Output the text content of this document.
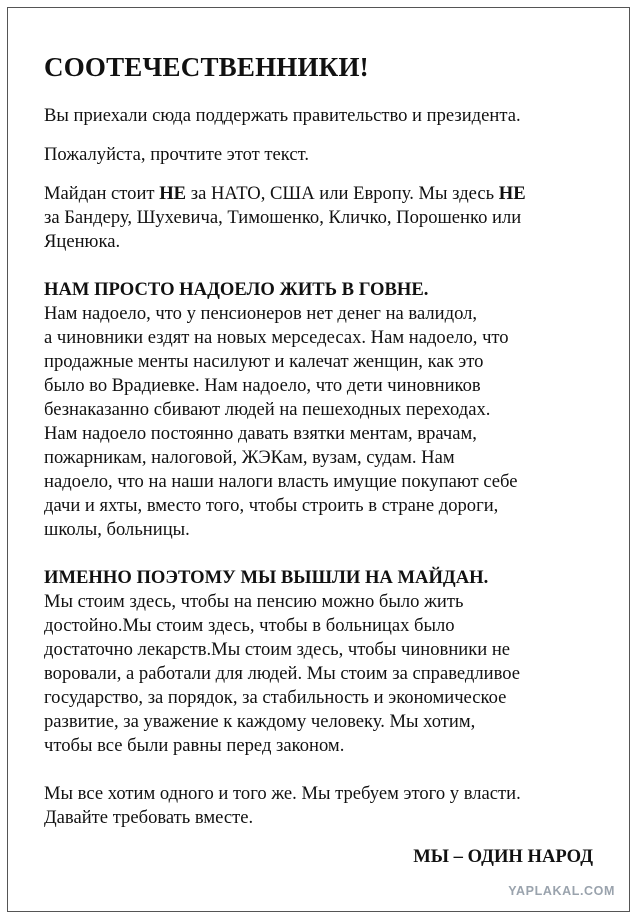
СООТЕЧЕСТВЕННИКИ!

Вы приехали сюда поддержать правительство и президента.

Пожалуйста, прочтите этот текст.

Майдан стоит НЕ за НАТО, США или Европу. Мы здесь НЕ
за Бандеру, Шухевича, Тимошенко, Кличко, Порошенко или
Яценюка.

НАМ ПРОСТО НАДОЕЛО ЖИТЬ В ГОВНЕ.

Нам надоело, что у пенсионеров нет денег на валидол,
а чиновники ездят на новых мерседесах. Нам надоело, что
продажные менты насилуют и калечат женщин, как это
было во Врадиевке. Нам надоело, что дети чиновников
безнаказанно сбивают людей на пешеходных переходах.
Нам надоело постоянно давать взятки ментам, врачам,
пожарникам, налоговой, ЖЭКам, вузам, судам. Нам
надоело, что на наши налоги власть имущие покупают себе
дачи и яхты, вместо того, чтобы строить в стране дороги,
школы, больницы.

ИМЕННО ПОЭТОМУ МЫ ВЫШЛИ НА МАЙДАН.

Мы стоим здесь, чтобы на пенсию можно было жить
достойно.Мы стоим здесь, чтобы в больницах было
достаточно лекарств.Мы стоим здесь, чтобы чиновники не
воровали, а работали для людей. Мы стоим за справедливое
государство, за порядок, за стабильность и экономическое
развитие, за уважение к каждому человеку. Мы хотим,
чтобы все были равны перед законом.

Мы все хотим одного и того же. Мы требуем этого у власти.
Давайте требовать вместе.

МЫ – ОДИН НАРОД
YAPLAKAL.COM
